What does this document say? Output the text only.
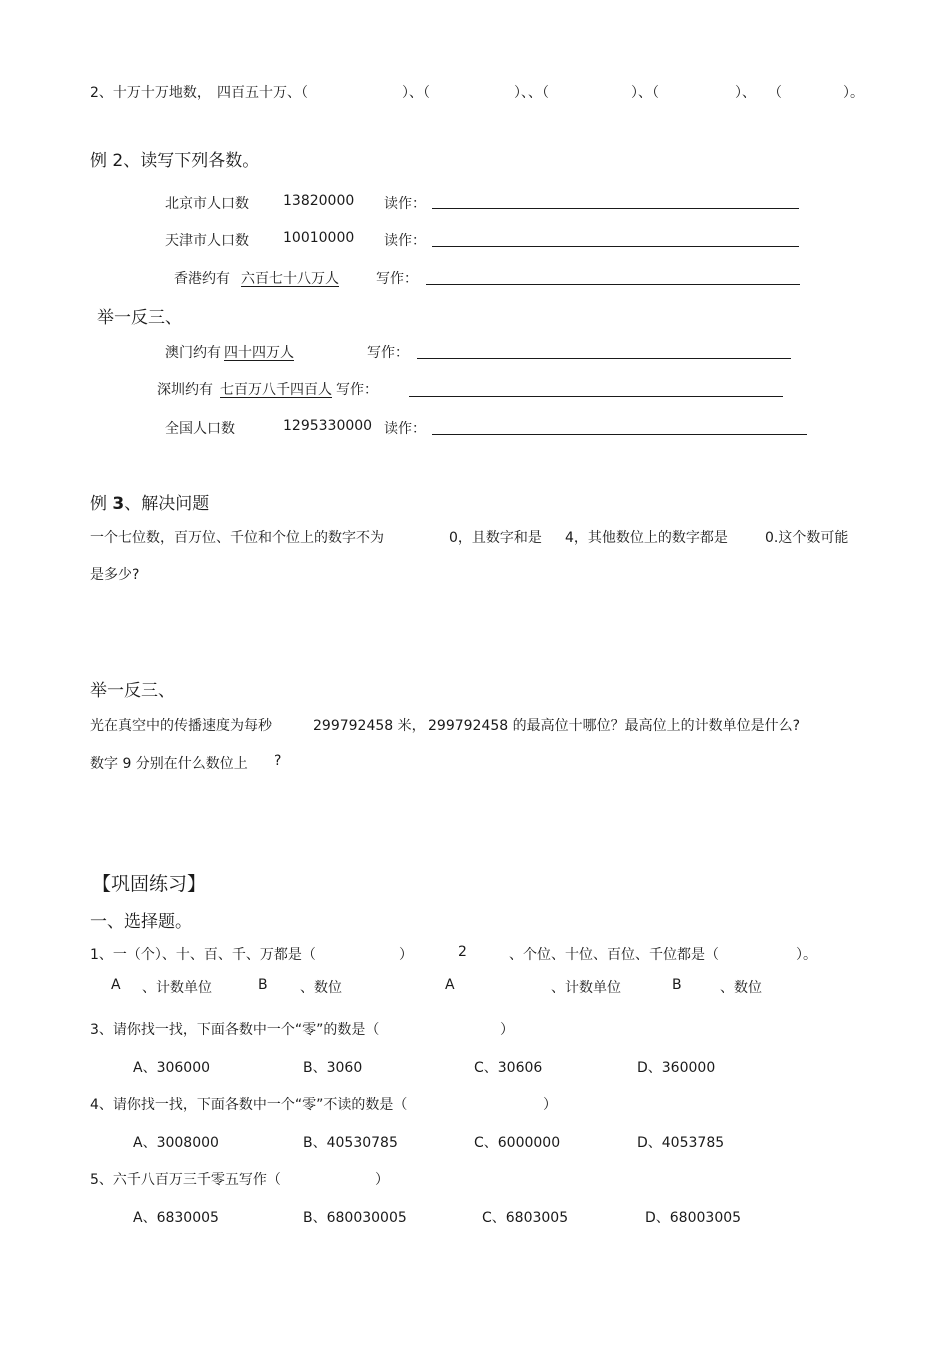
2、十万十万地数， 四百五十万、（	）、（	）、、（	）、（	）、 （	）。
例 2、读写下列各数。
北京市人口数 13820000 读作：
天津市人口数 10010000 读作：
香港约有 六百七十八万人	写作：
举一反三、
澳门约有 四十四万人	写作：
深圳约有 七百万八千四百人 写作：
全国人口数	1295330000 读作：
例 3、解决问题
一个七位数，百万位、千位和个位上的数字不为	0，且数字和是 4，其他数位上的数字都是	0.这个数可能
是多少?
举一反三、
光在真空中的传播速度为每秒	299792458 米， 299792458 的最高位十哪位？最高位上的计数单位是什么?
数字 9 分别在什么数位上 ?
【巩固练习】
一、选择题。
1、一（个）、十、百、千、万都是（	）	2	、个位、十位、百位、千位都是（	）。
A 、计数单位	B 、数位	A	、计数单位	B	、数位
3、请你找一找，下面各数中一个“零”的数是（	）
A、306000	B、3060	C、30606	D、360000
4、请你找一找，下面各数中一个“零”不读的数是（	）
A、3008000	B、40530785	C、6000000	D、4053785
5、六千八百万三千零五写作（	）
A、6830005	B、680030005	C、6803005	D、68003005
